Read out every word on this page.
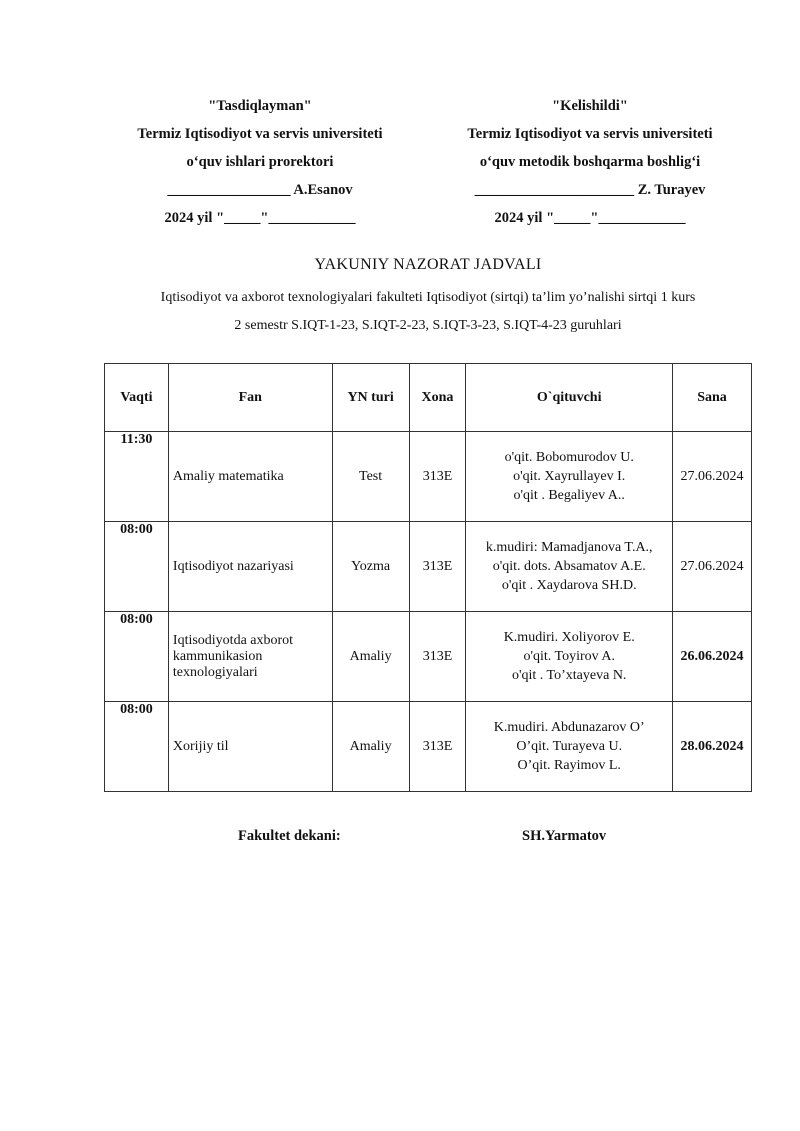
"Tasdiqlayman"
Termiz Iqtisodiyot va servis universiteti
o‘quv ishlari prorektori
_________________ A.Esanov
2024 yil "_____"____________
"Kelishildi"
Termiz Iqtisodiyot va servis universiteti
o‘quv metodik boshqarma boshlig‘i
______________________ Z. Turayev
2024 yil "_____"____________
YAKUNIY NAZORAT JADVALI
Iqtisodiyot va axborot texnologiyalari fakulteti Iqtisodiyot (sirtqi) ta’lim yo’nalishi sirtqi 1 kurs
2 semestr S.IQT-1-23, S.IQT-2-23, S.IQT-3-23, S.IQT-4-23 guruhlari
Vaqti	Fan	YN turi	Xona	O`qituvchi	Sana
11:30	Amaliy matematika	Test	313E	o'qit. Bobomurodov U.
o'qit. Xayrullayev I.
o'qit . Begaliyev A..	27.06.2024
08:00	Iqtisodiyot nazariyasi	Yozma	313E	k.mudiri: Mamadjanova T.A.,
o'qit. dots. Absamatov A.E.
o'qit . Xaydarova SH.D.	27.06.2024
08:00	Iqtisodiyotda axborot kammunikasion texnologiyalari	Amaliy	313E	K.mudiri. Xoliyorov E.
o'qit. Toyirov A.
o'qit . To’xtayeva N.	26.06.2024
08:00	Xorijiy til	Amaliy	313E	K.mudiri. Abdunazarov O’
O’qit. Turayeva U.
O’qit. Rayimov L.	28.06.2024
Fakultet dekani:	SH.Yarmatov
